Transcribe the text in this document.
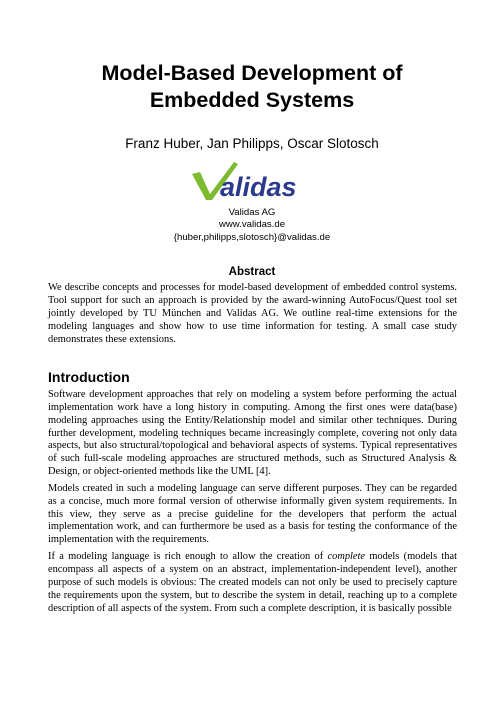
Model-Based Development of
Embedded Systems
Franz Huber, Jan Philipps, Oscar Slotosch
alidas
Validas AG
www.validas.de
{huber,philipps,slotosch}@validas.de
Abstract
We describe concepts and processes for model-based development of embedded control systems. Tool support for such an approach is provided by the award-winning AutoFocus/Quest tool set jointly developed by TU München and Validas AG. We outline real-time extensions for the modeling languages and show how to use time information for testing. A small case study demonstrates these extensions.
Introduction

Software development approaches that rely on modeling a system before performing the actual implementation work have a long history in computing. Among the first ones were data(base) modeling approaches using the Entity/Relationship model and similar other techniques. During further development, modeling techniques became increasingly complete, covering not only data aspects, but also structural/topological and behavioral aspects of systems. Typical representatives of such full-scale modeling approaches are structured methods, such as Structured Analysis & Design, or object-oriented methods like the UML [4].

Models created in such a modeling language can serve different purposes. They can be regarded as a concise, much more formal version of otherwise informally given system requirements. In this view, they serve as a precise guideline for the developers that perform the actual implementation work, and can furthermore be used as a basis for testing the conformance of the implementation with the requirements.

If a modeling language is rich enough to allow the creation of complete models (models that encompass all aspects of a system on an abstract, implementation-independent level), another purpose of such models is obvious: The created models can not only be used to precisely capture the requirements upon the system, but to describe the system in detail, reaching up to a complete description of all aspects of the system. From such a complete description, it is basically possible
